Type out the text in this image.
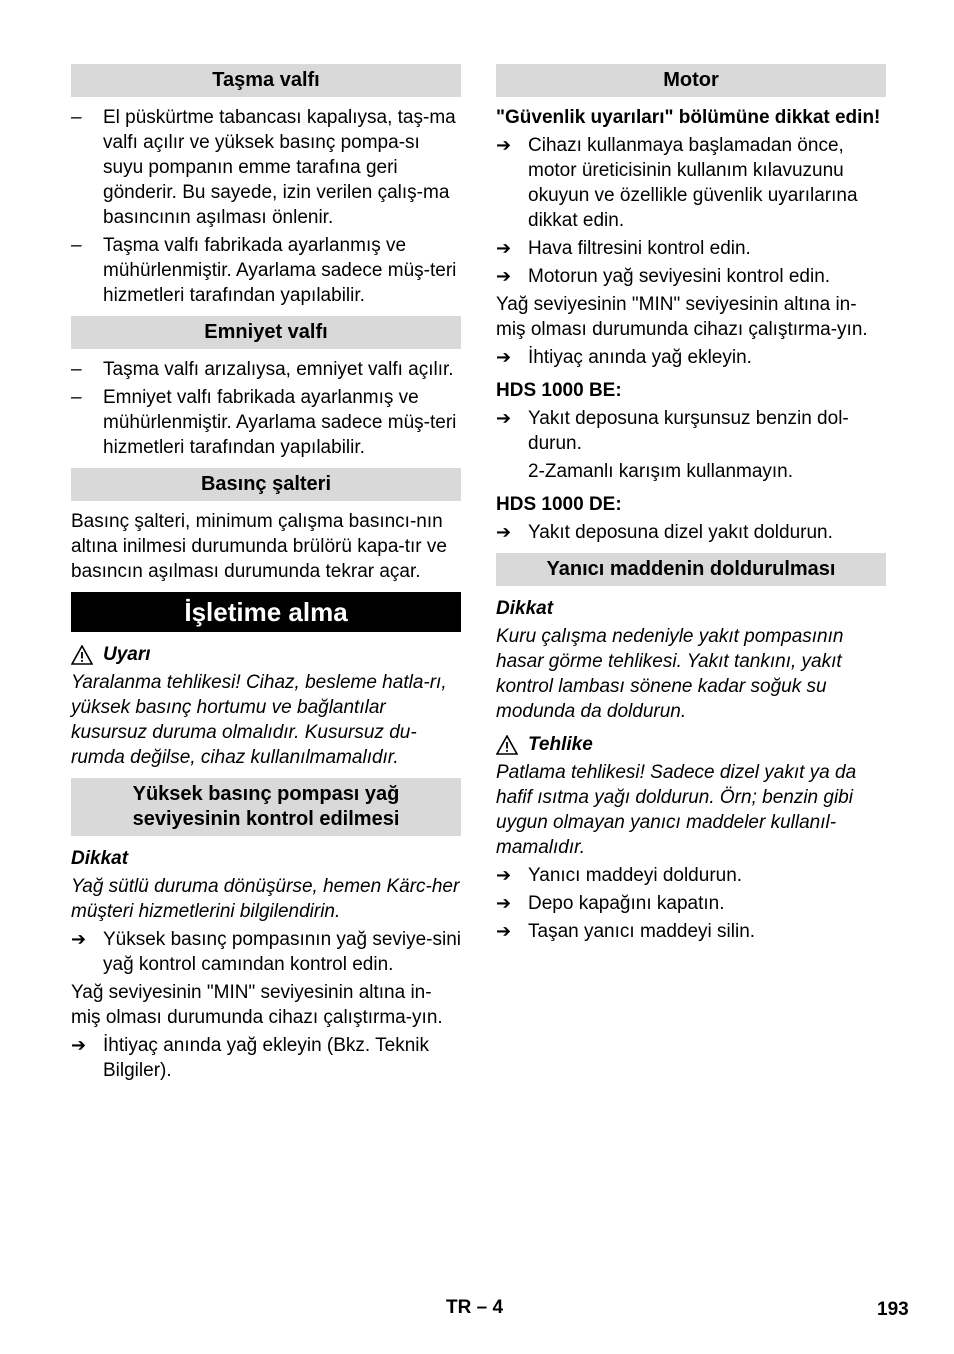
Taşma valfı
–	El püskürtme tabancası kapalıysa, taş-ma valfı açılır ve yüksek basınç pompa-sı suyu pompanın emme tarafına geri gönderir. Bu sayede, izin verilen çalış-ma basıncının aşılması önlenir.
–	Taşma valfı fabrikada ayarlanmış ve mühürlenmiştir. Ayarlama sadece müş-teri hizmetleri tarafından yapılabilir.
Emniyet valfı
–	Taşma valfı arızalıysa, emniyet valfı açılır.
–	Emniyet valfı fabrikada ayarlanmış ve mühürlenmiştir. Ayarlama sadece müş-teri hizmetleri tarafından yapılabilir.
Basınç şalteri
Basınç şalteri, minimum çalışma basıncı-nın altına inilmesi durumunda brülörü kapa-tır ve basıncın aşılması durumunda tekrar açar.
İşletime alma
Uyarı
Yaralanma tehlikesi! Cihaz, besleme hatla-rı, yüksek basınç hortumu ve bağlantılar kusursuz duruma olmalıdır. Kusursuz du-rumda değilse, cihaz kullanılmamalıdır.
Yüksek basınç pompası yağ seviyesinin kontrol edilmesi
Dikkat
Yağ sütlü duruma dönüşürse, hemen Kärc-her müşteri hizmetlerini bilgilendirin.
➔ Yüksek basınç pompasının yağ seviye-sini yağ kontrol camından kontrol edin.
Yağ seviyesinin "MIN" seviyesinin altına in-miş olması durumunda cihazı çalıştırma-yın.
➔ İhtiyaç anında yağ ekleyin (Bkz. Teknik Bilgiler).
Motor
"Güvenlik uyarıları" bölümüne dikkat edin!
➔ Cihazı kullanmaya başlamadan önce, motor üreticisinin kullanım kılavuzunu okuyun ve özellikle güvenlik uyarılarına dikkat edin.
➔ Hava filtresini kontrol edin.
➔ Motorun yağ seviyesini kontrol edin.
Yağ seviyesinin "MIN" seviyesinin altına in-miş olması durumunda cihazı çalıştırma-yın.
➔ İhtiyaç anında yağ ekleyin.
HDS 1000 BE:
➔ Yakıt deposuna kurşunsuz benzin dol-durun.
2-Zamanlı karışım kullanmayın.
HDS 1000 DE:
➔ Yakıt deposuna dizel yakıt doldurun.
Yanıcı maddenin doldurulması
Dikkat
Kuru çalışma nedeniyle yakıt pompasının hasar görme tehlikesi. Yakıt tankını, yakıt kontrol lambası sönene kadar soğuk su modunda da doldurun.
Tehlike
Patlama tehlikesi! Sadece dizel yakıt ya da hafif ısıtma yağı doldurun. Örn; benzin gibi uygun olmayan yanıcı maddeler kullanıl-mamalıdır.
➔ Yanıcı maddeyi doldurun.
➔ Depo kapağını kapatın.
➔ Taşan yanıcı maddeyi silin.
TR – 4	193
